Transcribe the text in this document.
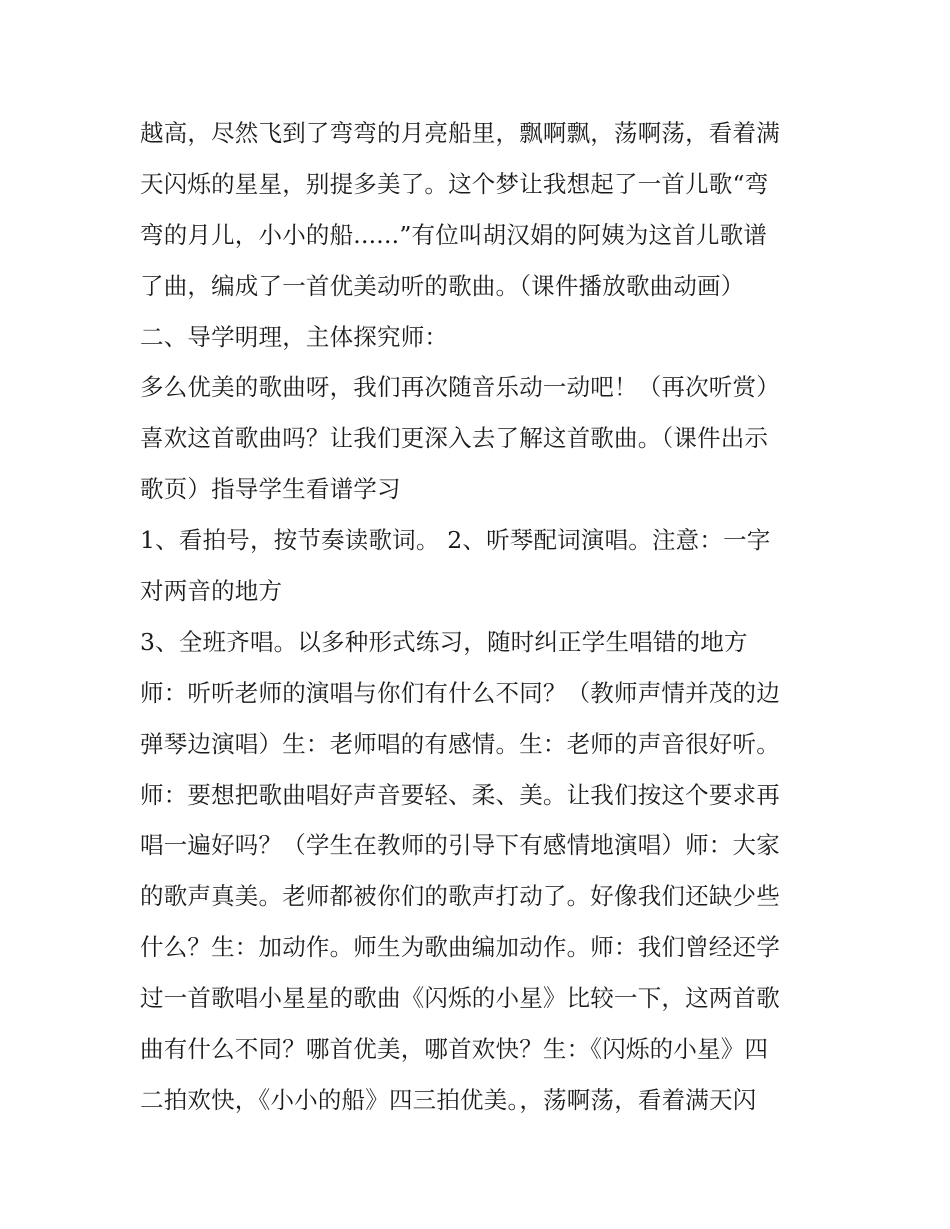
越高，尽然飞到了弯弯的月亮船里，飘啊飘，荡啊荡，看着满
天闪烁的星星，别提多美了。这个梦让我想起了一首儿歌“弯
弯的月儿，小小的船......”有位叫胡汉娟的阿姨为这首儿歌谱
了曲，编成了一首优美动听的歌曲。（课件播放歌曲动画）
二、导学明理，主体探究师：
多么优美的歌曲呀，我们再次随音乐动一动吧！（再次听赏）
喜欢这首歌曲吗？让我们更深入去了解这首歌曲。（课件出示
歌页）指导学生看谱学习
1、看拍号，按节奏读歌词。 2、听琴配词演唱。注意：一字
对两音的地方
3、全班齐唱。以多种形式练习，随时纠正学生唱错的地方
师：听听老师的演唱与你们有什么不同？（教师声情并茂的边
弹琴边演唱）生：老师唱的有感情。生：老师的声音很好听。
师：要想把歌曲唱好声音要轻、柔、美。让我们按这个要求再
唱一遍好吗？（学生在教师的引导下有感情地演唱）师：大家
的歌声真美。老师都被你们的歌声打动了。好像我们还缺少些
什么？生：加动作。师生为歌曲编加动作。师：我们曾经还学
过一首歌唱小星星的歌曲《闪烁的小星》比较一下，这两首歌
曲有什么不同？哪首优美，哪首欢快？生：《闪烁的小星》四
二拍欢快，《小小的船》四三拍优美。，荡啊荡，看着满天闪
